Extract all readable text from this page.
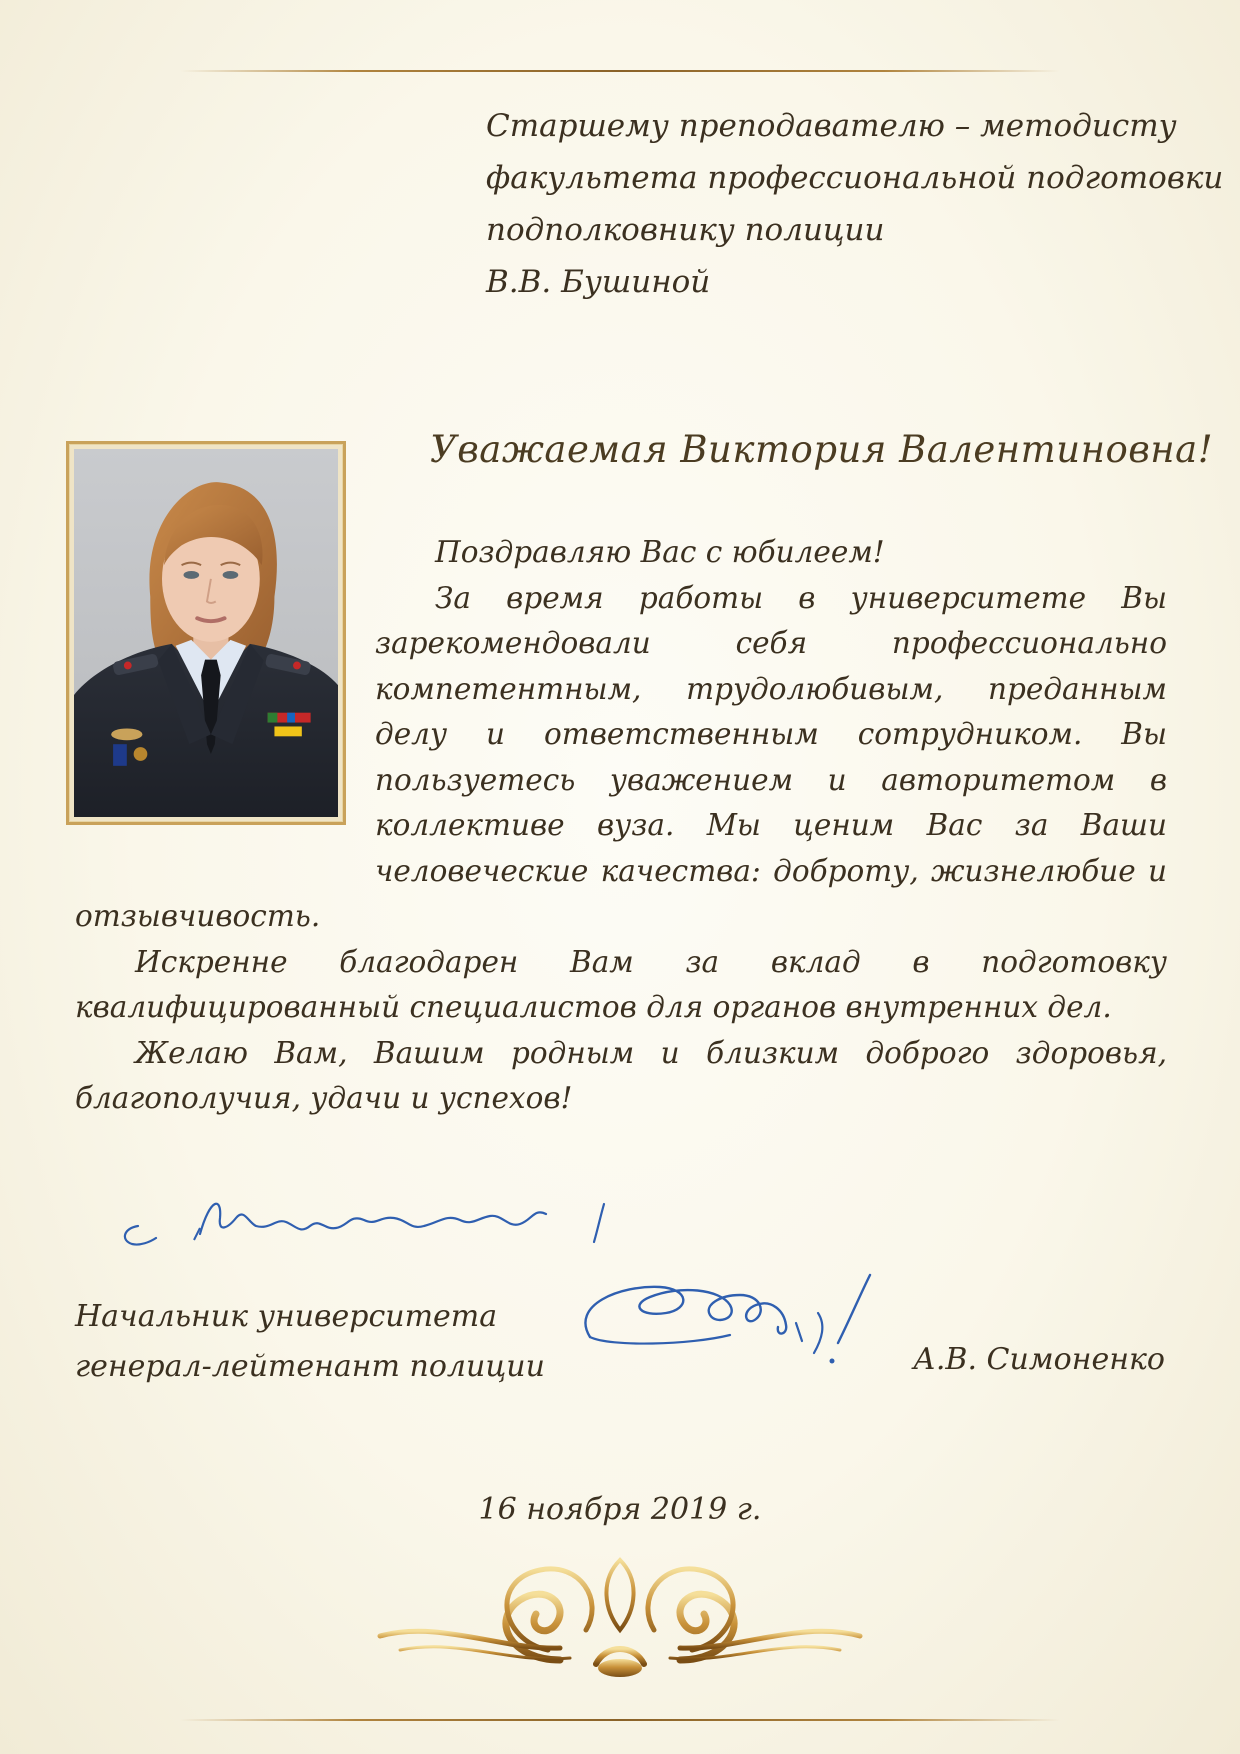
Старшему преподавателю – методисту
факультета профессиональной подготовки
подполковнику полиции
В.В. Бушиной
Уважаемая Виктория Валентиновна!

Поздравляю Вас с юбилеем!

За время работы в университете Вы зарекомендовали себя профессионально компетентным, трудолюбивым, преданным делу и ответственным сотрудником. Вы пользуетесь уважением и авторитетом в коллективе вуза. Мы ценим Вас за Ваши человеческие качества: доброту, жизнелюбие и отзывчивость.

Искренне благодарен Вам за вклад в подготовку квалифицированный специалистов для органов внутренних дел.

Желаю Вам, Вашим родным и близким доброго здоровья, благополучия, удачи и успехов!

Начальник университета
генерал-лейтенант полиции	А.В. Симоненко
16 ноября 2019 г.
